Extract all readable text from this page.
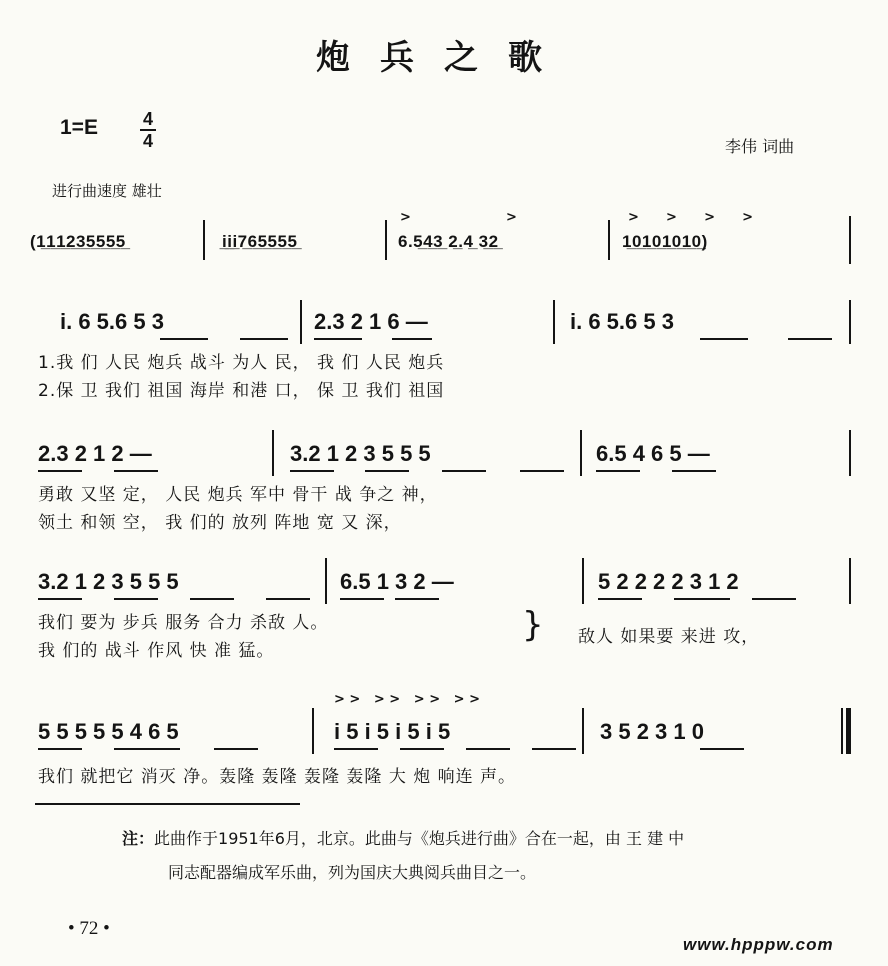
炮兵之歌
1=E	4
4	李伟 词曲
进行曲速度 雄壮
>	>	>      >      >      >
(1̲1̲1̲2̲3̲5̲5̲5̲5̲	i̲i̲i̲7̲6̲5̲5̲5̲5̲	6.5̲4̲3̲ 2̲.4̲ 3̲2̲	1̲0̲1̲0̲1̲0̲1̲0̲)
i. 6 5.6 5 3	2.3 2 1 6 —	i. 6 5.6 5 3
1.我 们 人民 炮兵 战斗 为人 民， 我 们 人民 炮兵
2.保 卫 我们 祖国 海岸 和港 口， 保 卫 我们 祖国
2.3 2 1 2 —	3.2 1 2 3 5 5 5	6.5 4 6 5 —
勇敢 又坚 定， 人民 炮兵 军中 骨干 战 争之 神，
领土 和领 空， 我 们的 放列 阵地 宽 又 深，
3.2 1 2 3 5 5 5	6.5 1 3 2 —	5 2 2 2 2 3 1 2
我们 要为 步兵 服务 合力 杀敌 人。
我 们的 战斗 作风 快 准 猛。
} 敌人 如果要 来进 攻，
> >   > >   > >   > >
5 5 5 5 5 4 6 5	i 5 i 5 i 5 i 5	3 5 2 3 1 0
我们 就把它 消灭 净。轰隆 轰隆 轰隆 轰隆 大 炮 响连 声。
注：此曲作于1951年6月，北京。此曲与《炮兵进行曲》合在一起，由 王 建 中
同志配器编成军乐曲，列为国庆大典阅兵曲目之一。
• 72 •
www.hpppw.com
